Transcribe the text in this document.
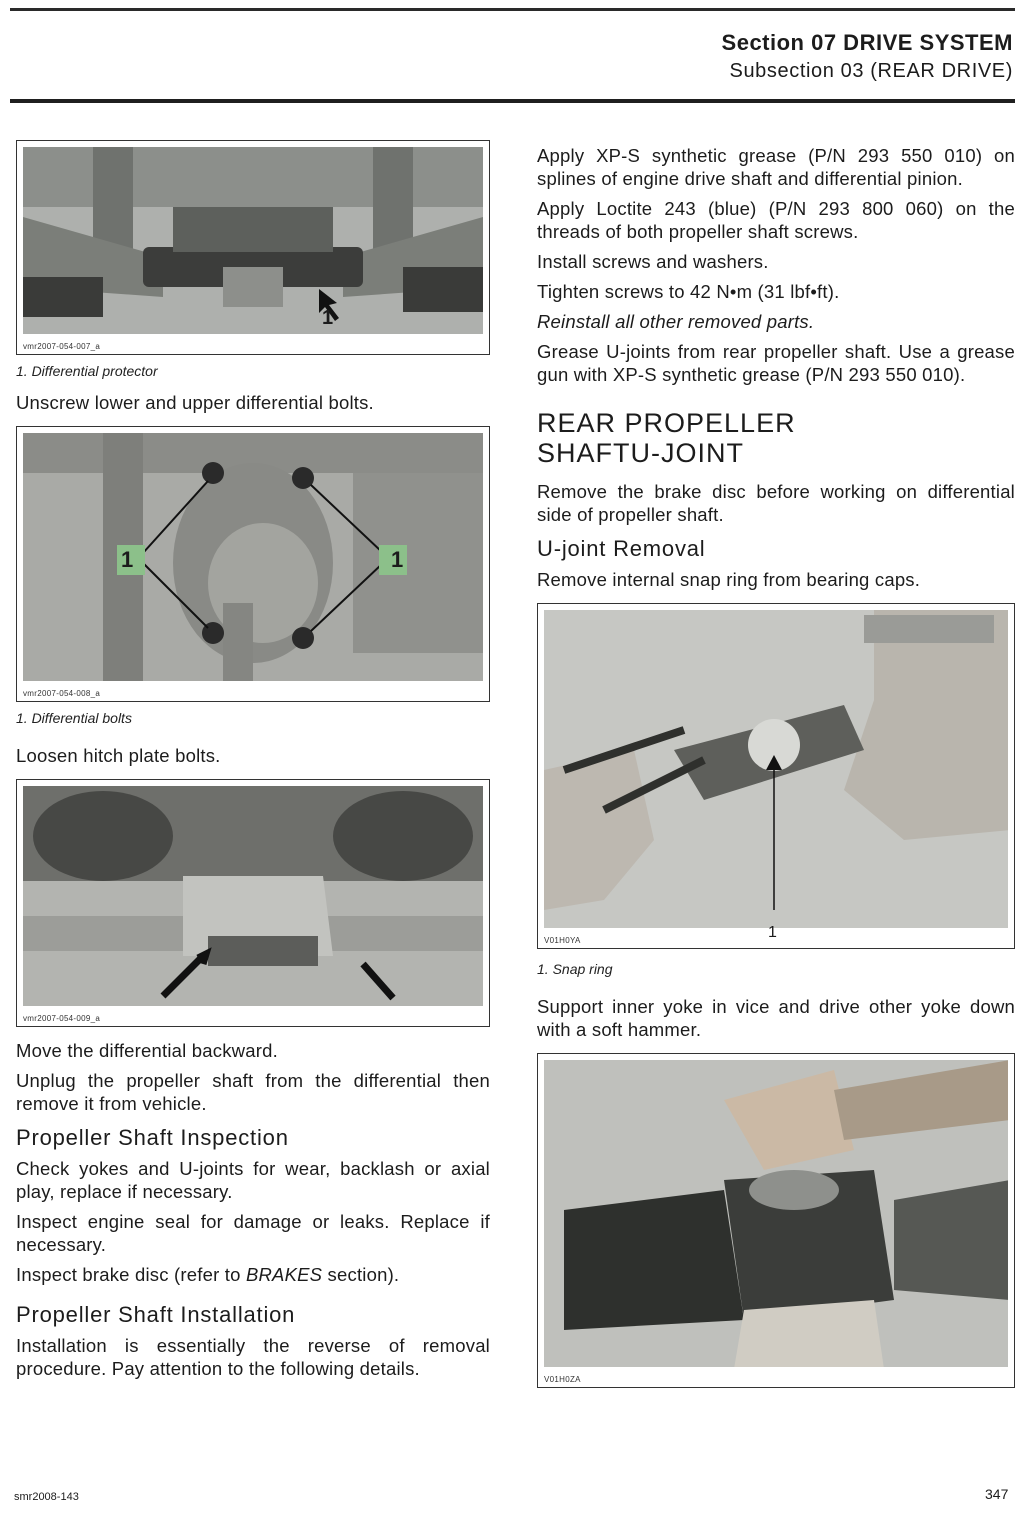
Section 07 DRIVE SYSTEM
Subsection 03 (REAR DRIVE)
1
vmr2007-054-007_a

1. Differential protector

Unscrew lower and upper differential bolts.

1	1
vmr2007-054-008_a

1. Differential bolts

Loosen hitch plate bolts.

vmr2007-054-009_a

Move the differential backward.

Unplug the propeller shaft from the differential then remove it from vehicle.

Propeller Shaft Inspection

Check yokes and U-joints for wear, backlash or axial play, replace if necessary.

Inspect engine seal for damage or leaks. Replace if necessary.

Inspect brake disc (refer to BRAKES section).

Propeller Shaft Installation

Installation is essentially the reverse of removal procedure. Pay attention to the following details.

Apply XP-S synthetic grease (P/N 293 550 010) on splines of engine drive shaft and differential pinion.

Apply Loctite 243 (blue) (P/N 293 800 060) on the threads of both propeller shaft screws.

Install screws and washers.

Tighten screws to 42 N•m (31 lbf•ft).

Reinstall all other removed parts.

Grease U-joints from rear propeller shaft. Use a grease gun with XP-S synthetic grease (P/N 293 550 010).

REAR PROPELLER
SHAFTU-JOINT

Remove the brake disc before working on differential side of propeller shaft.

U-joint Removal

Remove internal snap ring from bearing caps.

1
V01H0YA

1. Snap ring

Support inner yoke in vice and drive other yoke down with a soft hammer.

V01H0ZA
smr2008-143	347
